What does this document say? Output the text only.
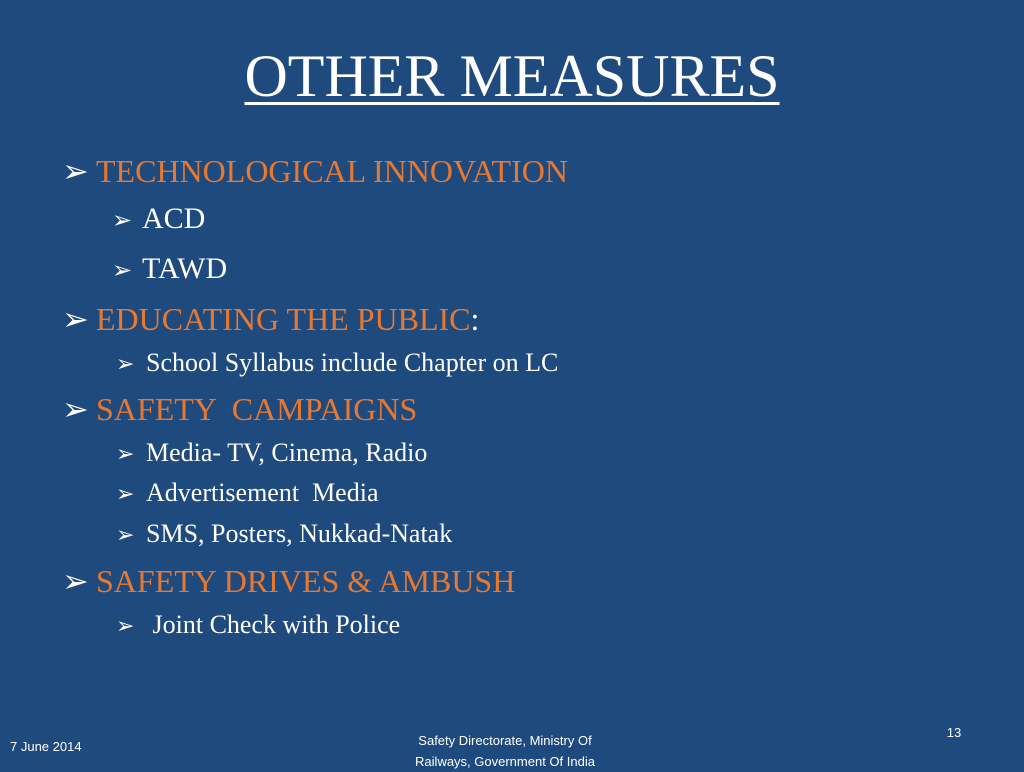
OTHER MEASURES
➢ TECHNOLOGICAL INNOVATION
➢ ACD
➢ TAWD
➢ EDUCATING THE PUBLIC :
➢ School Syllabus include Chapter on LC
➢ SAFETY  CAMPAIGNS
➢ Media- TV, Cinema, Radio
➢ Advertisement  Media
➢ SMS, Posters, Nukkad-Natak
➢ SAFETY DRIVES & AMBUSH
➢ Joint Check with Police
7 June 2014	Safety Directorate, Ministry Of
Railways, Government Of India
13
